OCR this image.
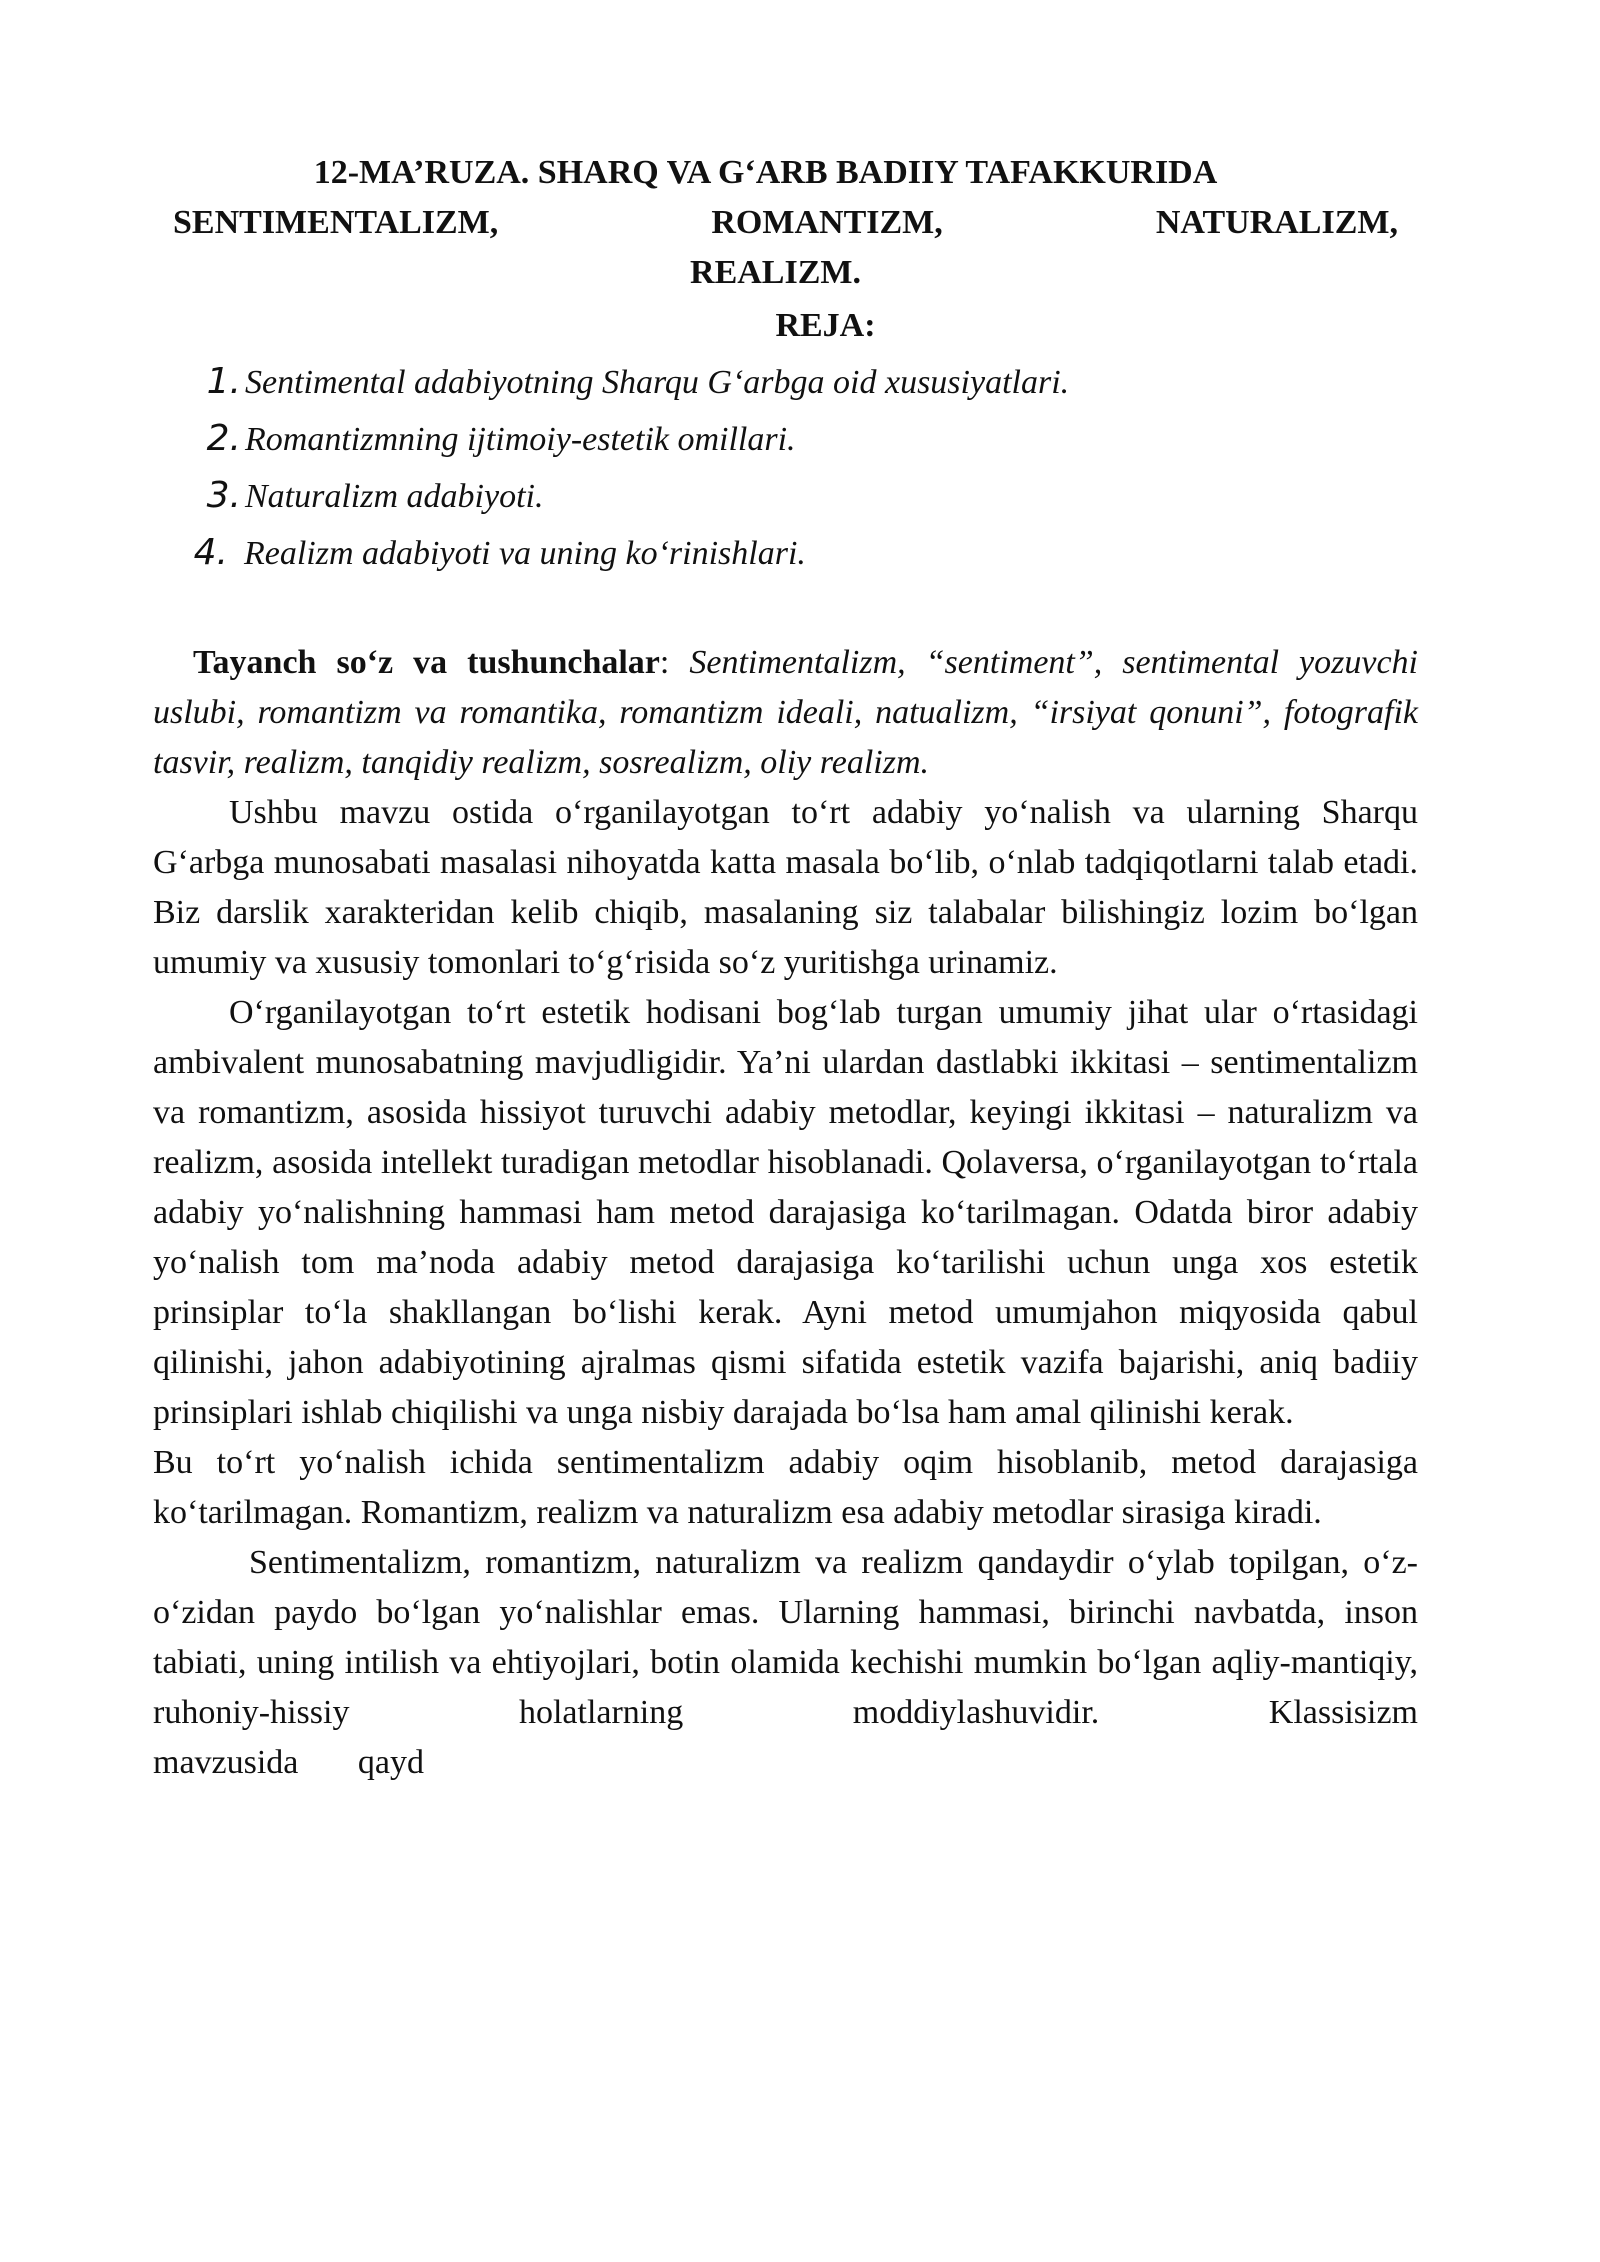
12-MA’RUZA. SHARQ VA G‘ARB BADIIY TAFAKKURIDA
SENTIMENTALIZM,	ROMANTIZM,	NATURALIZM,
REALIZM.
REJA:
1. Sentimental adabiyotning Sharqu G‘arbga oid xususiyatlari.
2. Romantizmning ijtimoiy-estetik omillari.
3. Naturalizm adabiyoti.
4. Realizm adabiyoti va uning ko‘rinishlari.

Tayanch so‘z va tushunchalar: Sentimentalizm, “sentiment”, sentimental yozuvchi uslubi, romantizm va romantika, romantizm ideali, natualizm, “irsiyat qonuni”, fotografik tasvir, realizm, tanqidiy realizm, sosrealizm, oliy realizm.

Ushbu mavzu ostida o‘rganilayotgan to‘rt adabiy yo‘nalish va ularning Sharqu G‘arbga munosabati masalasi nihoyatda katta masala bo‘lib, o‘nlab tadqiqotlarni talab etadi. Biz darslik xarakteridan kelib chiqib, masalaning siz talabalar bilishingiz lozim bo‘lgan umumiy va xususiy tomonlari to‘g‘risida so‘z yuritishga urinamiz.

O‘rganilayotgan to‘rt estetik hodisani bog‘lab turgan umumiy jihat ular o‘rtasidagi ambivalent munosabatning mavjudligidir. Ya’ni ulardan dastlabki ikkitasi – sentimentalizm va romantizm, asosida hissiyot turuvchi adabiy metodlar, keyingi ikkitasi – naturalizm va realizm, asosida intellekt turadigan metodlar hisoblanadi. Qolaversa, o‘rganilayotgan to‘rtala adabiy yo‘nalishning hammasi ham metod darajasiga ko‘tarilmagan. Odatda biror adabiy yo‘nalish tom ma’noda adabiy metod darajasiga ko‘tarilishi uchun unga xos estetik prinsiplar to‘la shakllangan bo‘lishi kerak. Ayni metod umumjahon miqyosida qabul qilinishi, jahon adabiyotining ajralmas qismi sifatida estetik vazifa bajarishi, aniq badiiy prinsiplari ishlab chiqilishi va unga nisbiy darajada bo‘lsa ham amal qilinishi kerak.

Bu to‘rt yo‘nalish ichida sentimentalizm adabiy oqim hisoblanib, metod darajasiga ko‘tarilmagan. Romantizm, realizm va naturalizm esa adabiy metodlar sirasiga kiradi.

Sentimentalizm, romantizm, naturalizm va realizm qandaydir o‘ylab topilgan, o‘z-o‘zidan paydo bo‘lgan yo‘nalishlar emas. Ularning hammasi, birinchi navbatda, inson tabiati, uning intilish va ehtiyojlari, botin olamida kechishi mumkin bo‘lgan aqliy-mantiqiy, ruhoniy-hissiy holatlarning moddiylashuvidir. Klassisizm

mavzusida       qayd
